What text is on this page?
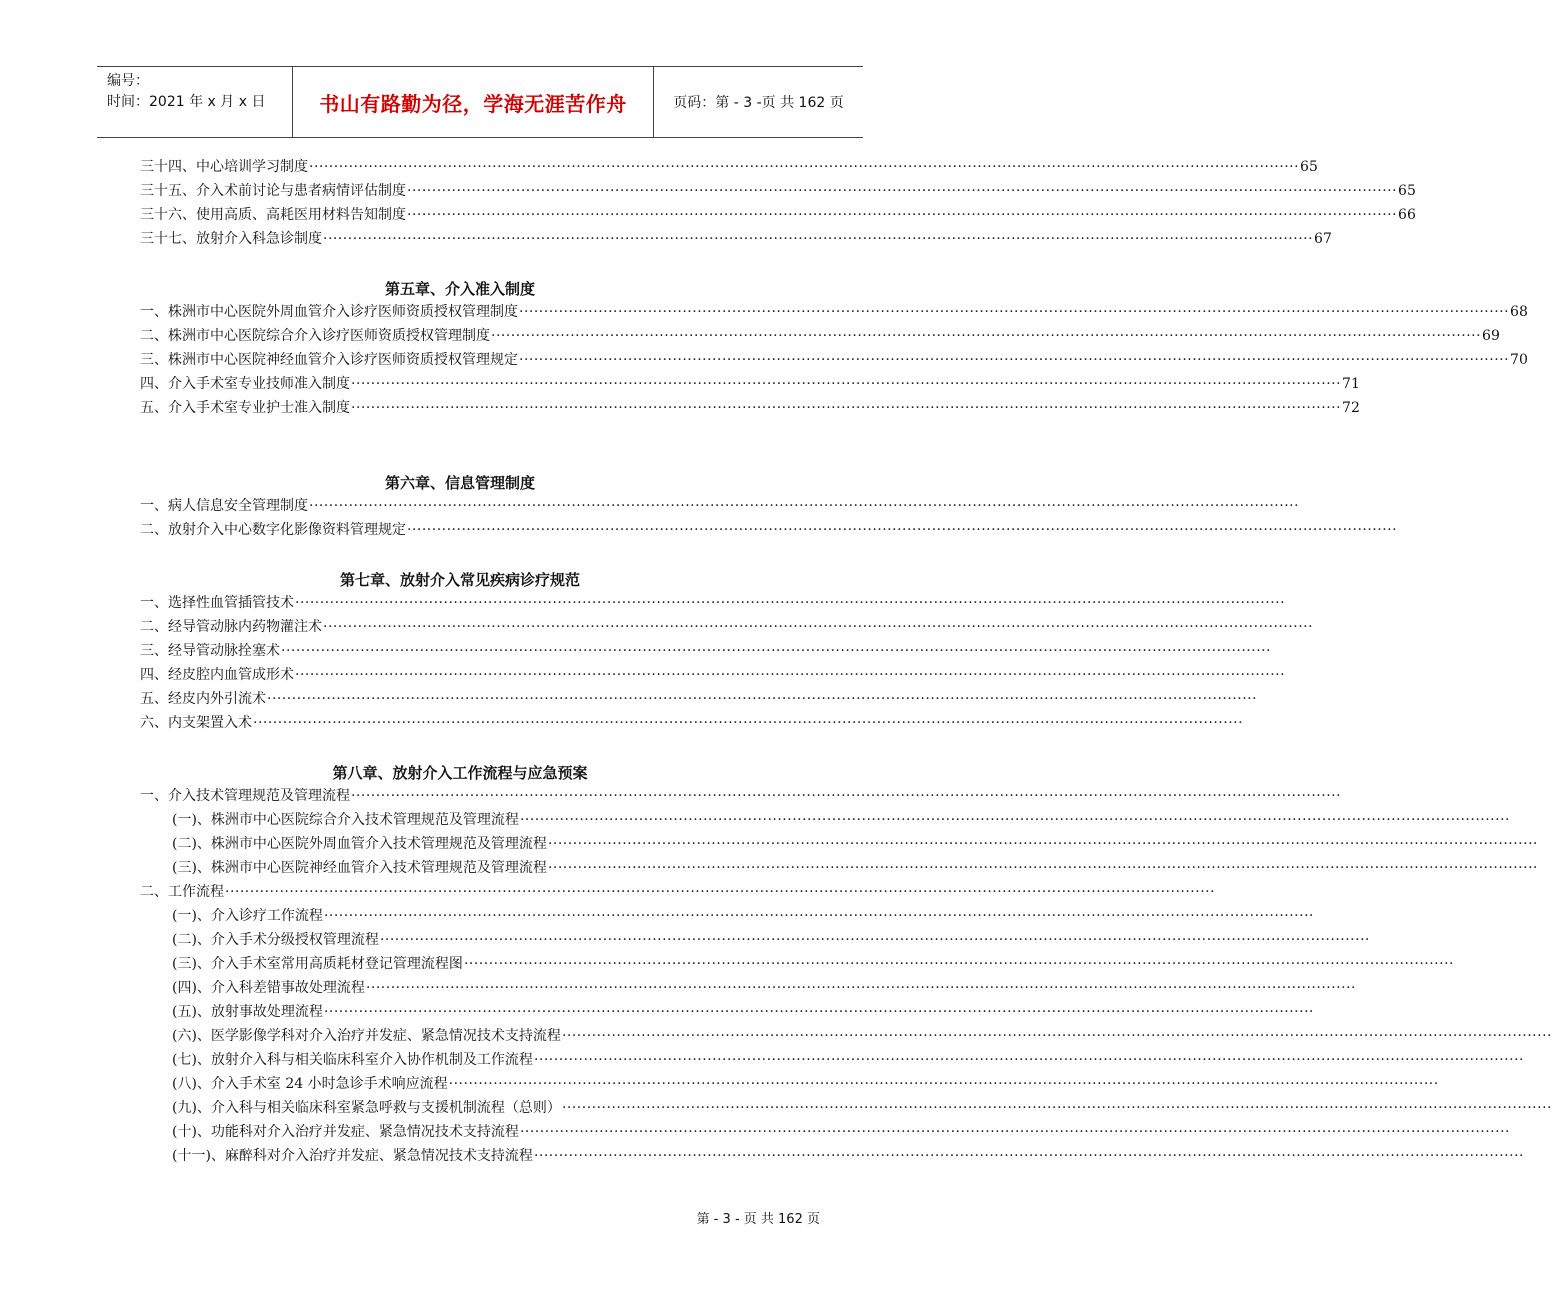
编号：
时间：2021 年 x 月 x 日	书山有路勤为径，学海无涯苦作舟	页码：第 - 3 -页 共 162 页
三十四、中心培训学习制度 ········································································································································································································ 65
三十五、介入术前讨论与患者病情评估制度 ········································································································································································································ 65
三十六、使用高质、高耗医用材料告知制度 ········································································································································································································ 66
三十七、放射介入科急诊制度 ········································································································································································································ 67
第五章、介入准入制度
一、株洲市中心医院外周血管介入诊疗医师资质授权管理制度 ········································································································································································································ 68
二、株洲市中心医院综合介入诊疗医师资质授权管理制度 ········································································································································································································ 69
三、株洲市中心医院神经血管介入诊疗医师资质授权管理规定 ········································································································································································································ 70
四、介入手术室专业技师准入制度 ········································································································································································································ 71
五、介入手术室专业护士准入制度 ········································································································································································································ 72
第六章、信息管理制度
一、病人信息安全管理制度 ········································································································································································································
二、放射介入中心数字化影像资料管理规定 ········································································································································································································
第七章、放射介入常见疾病诊疗规范
一、选择性血管插管技术 ········································································································································································································
二、经导管动脉内药物灌注术 ········································································································································································································
三、经导管动脉拴塞术 ········································································································································································································
四、经皮腔内血管成形术 ········································································································································································································
五、经皮内外引流术 ········································································································································································································
六、内支架置入术 ········································································································································································································
第八章、放射介入工作流程与应急预案
一、介入技术管理规范及管理流程 ········································································································································································································
(一)、株洲市中心医院综合介入技术管理规范及管理流程 ········································································································································································································
(二)、株洲市中心医院外周血管介入技术管理规范及管理流程 ········································································································································································································
(三)、株洲市中心医院神经血管介入技术管理规范及管理流程 ········································································································································································································
二、工作流程 ········································································································································································································
(一)、介入诊疗工作流程 ········································································································································································································
(二)、介入手术分级授权管理流程 ········································································································································································································
(三)、介入手术室常用高质耗材登记管理流程图 ········································································································································································································
(四)、介入科差错事故处理流程 ········································································································································································································
(五)、放射事故处理流程 ········································································································································································································
(六)、医学影像学科对介入治疗并发症、紧急情况技术支持流程 ········································································································································································································
(七)、放射介入科与相关临床科室介入协作机制及工作流程 ········································································································································································································
(八)、介入手术室 24 小时急诊手术响应流程 ········································································································································································································
(九)、介入科与相关临床科室紧急呼救与支援机制流程（总则） ········································································································································································································
(十)、功能科对介入治疗并发症、紧急情况技术支持流程 ········································································································································································································
(十一)、麻醉科对介入治疗并发症、紧急情况技术支持流程 ········································································································································································································
第 - 3 - 页 共 162 页
